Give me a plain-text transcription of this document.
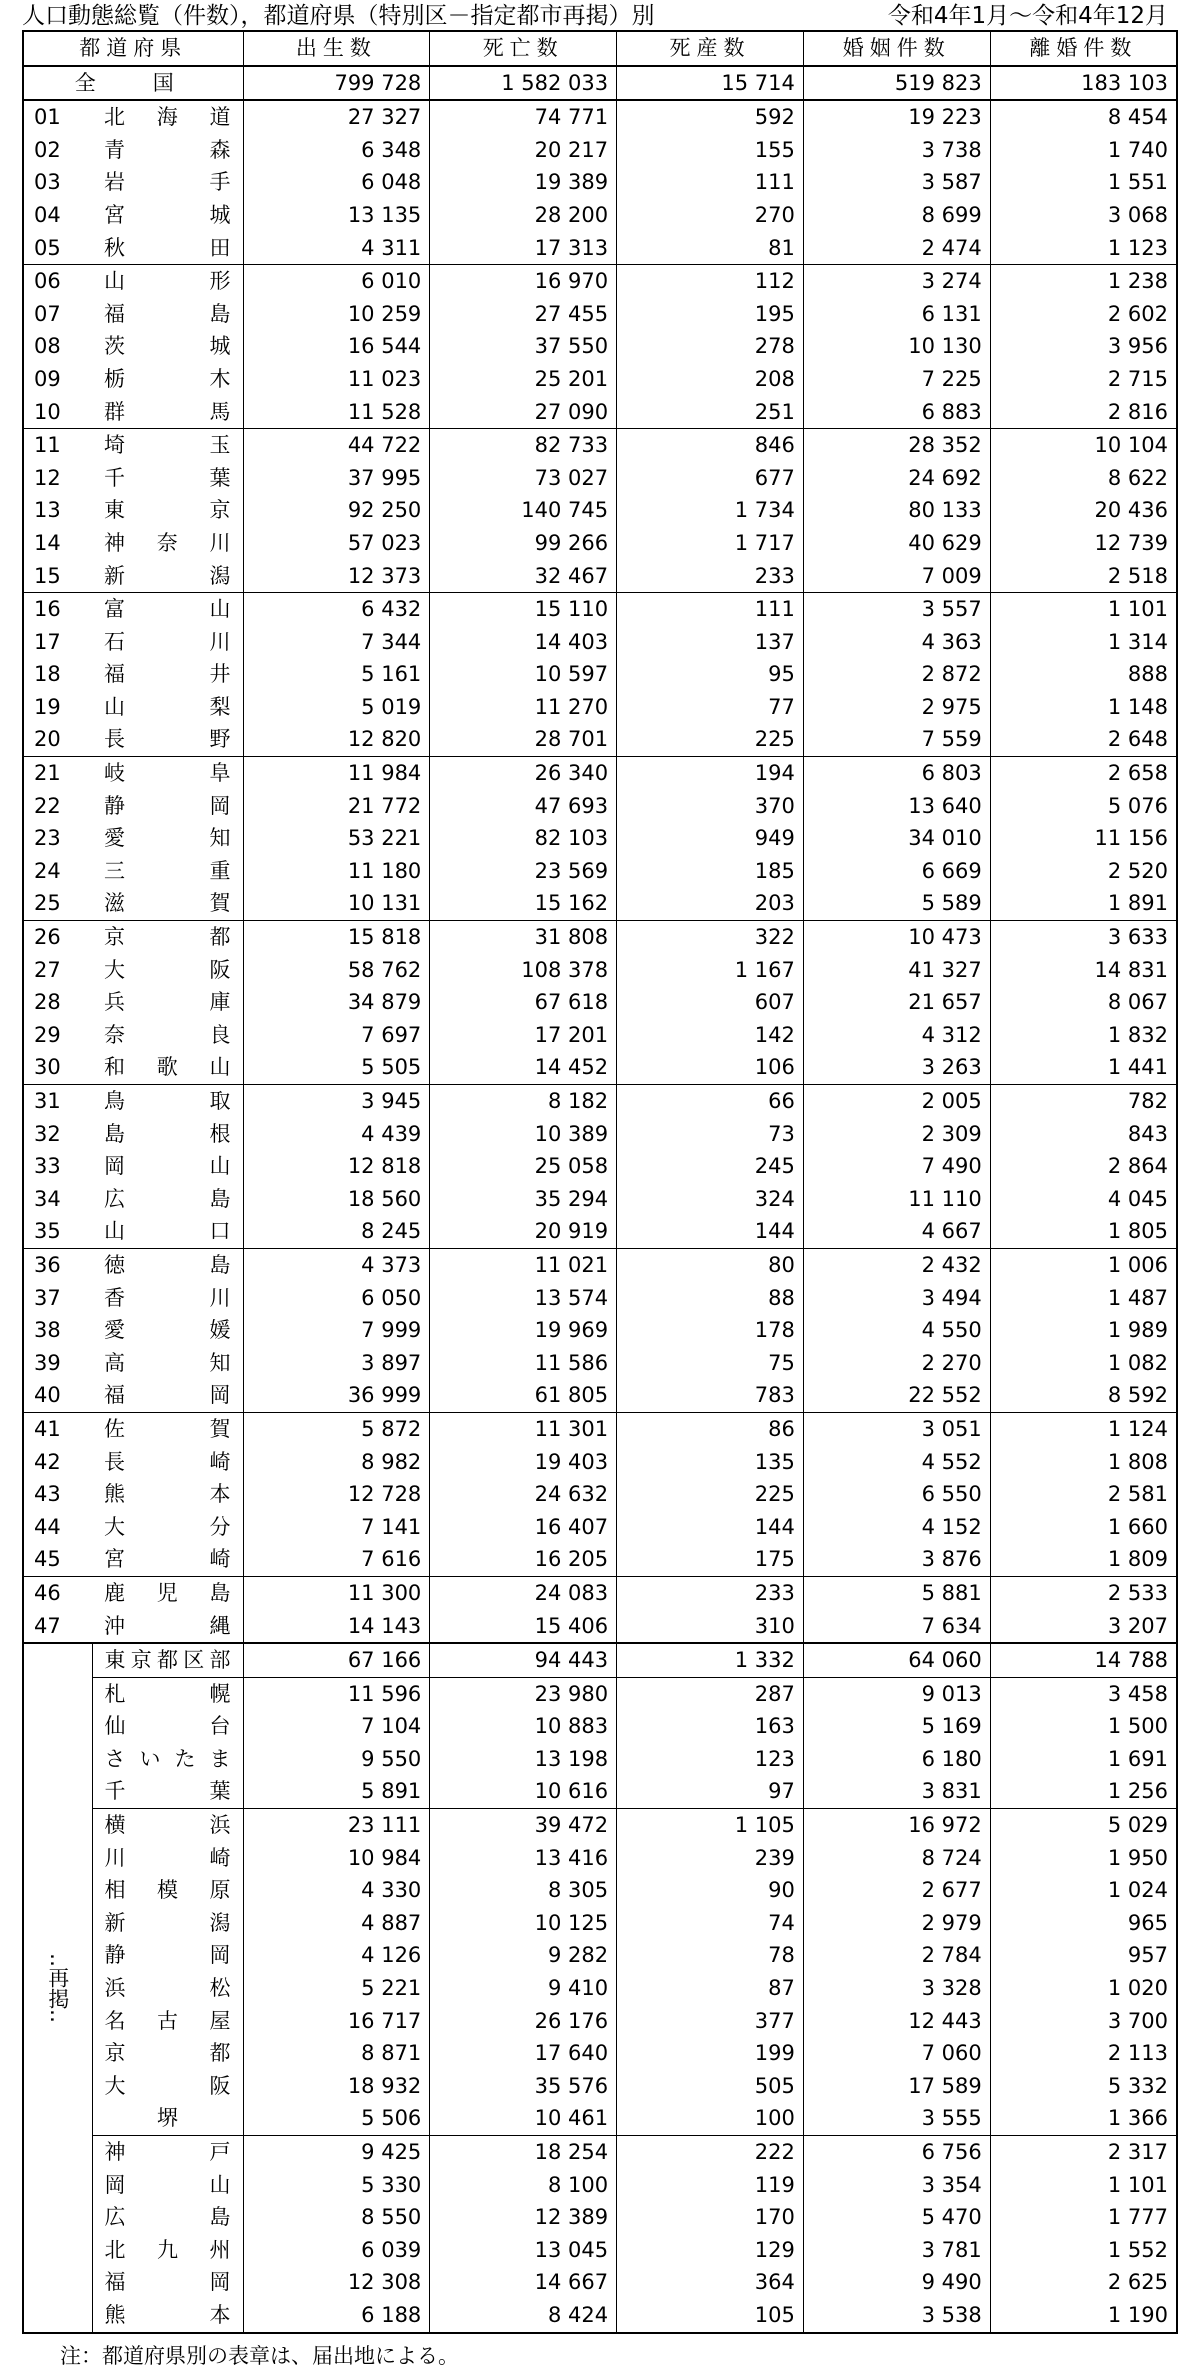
人口動態総覧（件数），都道府県（特別区－指定都市再掲）別	令和4年1月～令和4年12月
都道府県		出生数	死亡数	死産数	婚姻件数	離婚件数
全　国		799 728	1 582 033	15 714	519 823	183 103
01	北海道	27 327	74 771	592	19 223	8 454
02	青森	6 348	20 217	155	3 738	1 740
03	岩手	6 048	19 389	111	3 587	1 551
04	宮城	13 135	28 200	270	8 699	3 068
05	秋田	4 311	17 313	81	2 474	1 123
06	山形	6 010	16 970	112	3 274	1 238
07	福島	10 259	27 455	195	6 131	2 602
08	茨城	16 544	37 550	278	10 130	3 956
09	栃木	11 023	25 201	208	7 225	2 715
10	群馬	11 528	27 090	251	6 883	2 816
11	埼玉	44 722	82 733	846	28 352	10 104
12	千葉	37 995	73 027	677	24 692	8 622
13	東京	92 250	140 745	1 734	80 133	20 436
14	神奈川	57 023	99 266	1 717	40 629	12 739
15	新潟	12 373	32 467	233	7 009	2 518
16	富山	6 432	15 110	111	3 557	1 101
17	石川	7 344	14 403	137	4 363	1 314
18	福井	5 161	10 597	95	2 872	888
19	山梨	5 019	11 270	77	2 975	1 148
20	長野	12 820	28 701	225	7 559	2 648
21	岐阜	11 984	26 340	194	6 803	2 658
22	静岡	21 772	47 693	370	13 640	5 076
23	愛知	53 221	82 103	949	34 010	11 156
24	三重	11 180	23 569	185	6 669	2 520
25	滋賀	10 131	15 162	203	5 589	1 891
26	京都	15 818	31 808	322	10 473	3 633
27	大阪	58 762	108 378	1 167	41 327	14 831
28	兵庫	34 879	67 618	607	21 657	8 067
29	奈良	7 697	17 201	142	4 312	1 832
30	和歌山	5 505	14 452	106	3 263	1 441
31	鳥取	3 945	8 182	66	2 005	782
32	島根	4 439	10 389	73	2 309	843
33	岡山	12 818	25 058	245	7 490	2 864
34	広島	18 560	35 294	324	11 110	4 045
35	山口	8 245	20 919	144	4 667	1 805
36	徳島	4 373	11 021	80	2 432	1 006
37	香川	6 050	13 574	88	3 494	1 487
38	愛媛	7 999	19 969	178	4 550	1 989
39	高知	3 897	11 586	75	2 270	1 082
40	福岡	36 999	61 805	783	22 552	8 592
41	佐賀	5 872	11 301	86	3 051	1 124
42	長崎	8 982	19 403	135	4 552	1 808
43	熊本	12 728	24 632	225	6 550	2 581
44	大分	7 141	16 407	144	4 152	1 660
45	宮崎	7 616	16 205	175	3 876	1 809
46	鹿児島	11 300	24 083	233	5 881	2 533
47	沖縄	14 143	15 406	310	7 634	3 207
‥再掲‥	東京都区部	67 166	94 443	1 332	64 060	14 788
	札幌	11 596	23 980	287	9 013	3 458
	仙台	7 104	10 883	163	5 169	1 500
	さいたま	9 550	13 198	123	6 180	1 691
	千葉	5 891	10 616	97	3 831	1 256
	横浜	23 111	39 472	1 105	16 972	5 029
	川崎	10 984	13 416	239	8 724	1 950
	相模原	4 330	8 305	90	2 677	1 024
	新潟	4 887	10 125	74	2 979	965
	静岡	4 126	9 282	78	2 784	957
	浜松	5 221	9 410	87	3 328	1 020
	名古屋	16 717	26 176	377	12 443	3 700
	京都	8 871	17 640	199	7 060	2 113
	大阪	18 932	35 576	505	17 589	5 332
	堺	5 506	10 461	100	3 555	1 366
	神戸	9 425	18 254	222	6 756	2 317
	岡山	5 330	8 100	119	3 354	1 101
	広島	8 550	12 389	170	5 470	1 777
	北九州	6 039	13 045	129	3 781	1 552
	福岡	12 308	14 667	364	9 490	2 625
	熊本	6 188	8 424	105	3 538	1 190
注：都道府県別の表章は、届出地による。
